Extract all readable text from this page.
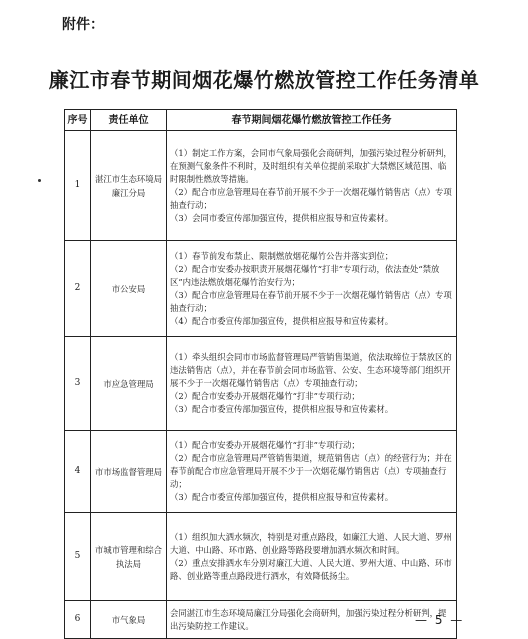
附件：
廉江市春节期间烟花爆竹燃放管控工作任务清单
序号	责任单位	春节期间烟花爆竹燃放管控工作任务
1	湛江市生态环境局廉江分局	（1）制定工作方案，会同市气象局强化会商研判，加强污染过程分析研判，在预测气象条件不利时，及时组织有关单位提前采取扩大禁燃区域范围、临时限制性燃放等措施。

（2）配合市应急管理局在春节前开展不少于一次烟花爆竹销售店（点）专项抽查行动；

（3）会同市委宣传部加强宣传，提供相应报导和宣传素材。

2	市公安局	（1）春节前发布禁止、限制燃放烟花爆竹公告并落实到位；

（2）配合市安委办按职责开展烟花爆竹“打非”专项行动，依法查处“禁放区”内违法燃放烟花爆竹治安行为；

（3）配合市应急管理局在春节前开展不少于一次烟花爆竹销售店（点）专项抽查行动；

（4）配合市委宣传部加强宣传，提供相应报导和宣传素材。

3	市应急管理局	（1）牵头组织会同市市场监督管理局严管销售渠道，依法取缔位于禁放区的违法销售店（点），并在春节前会同市场监管、公安、生态环境等部门组织开展不少于一次烟花爆竹销售店（点）专项抽查行动；

（2）配合市安委办开展烟花爆竹“打非”专项行动；

（3）配合市委宣传部加强宣传，提供相应报导和宣传素材。

4	市市场监督管理局	（1）配合市安委办开展烟花爆竹“打非”专项行动；

（2）配合市应急管理局严管销售渠道，规范销售店（点）的经营行为；并在春节前配合市应急管理局开展不少于一次烟花爆竹销售店（点）专项抽查行动；

（3）配合市委宣传部加强宣传，提供相应报导和宣传素材。

5	市城市管理和综合执法局	（1）组织加大洒水频次，特别是对重点路段，如廉江大道、人民大道、罗州大道、中山路、环市路、创业路等路段要增加洒水频次和时间。

（2）重点安排洒水车分别对廉江大道、人民大道、罗州大道、中山路、环市路、创业路等重点路段进行洒水，有效降低扬尘。

6	市气象局	会同湛江市生态环境局廉江分局强化会商研判，加强污染过程分析研判，提出污染防控工作建议。	— 5 —
